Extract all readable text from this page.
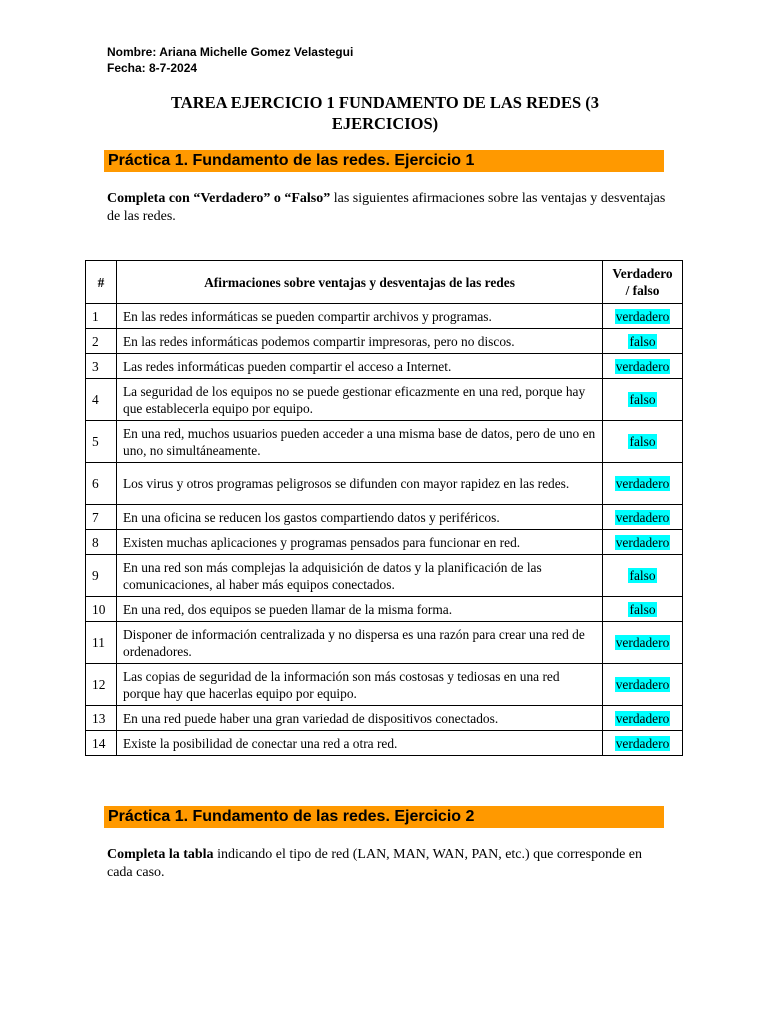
Nombre: Ariana Michelle Gomez Velastegui
Fecha: 8-7-2024
TAREA EJERCICIO 1 FUNDAMENTO DE LAS REDES (3
EJERCICIOS)
Práctica 1. Fundamento de las redes. Ejercicio 1
Completa con “Verdadero” o “Falso” las siguientes afirmaciones sobre las ventajas y desventajas de las redes.
#	Afirmaciones sobre ventajas y desventajas de las redes	Verdadero
/ falso

1	En las redes informáticas se pueden compartir archivos y programas.	verdadero
2	En las redes informáticas podemos compartir impresoras, pero no discos.	falso
3	Las redes informáticas pueden compartir el acceso a Internet.	verdadero
4	La seguridad de los equipos no se puede gestionar eficazmente en una red, porque hay que establecerla equipo por equipo.	falso
5	En una red, muchos usuarios pueden acceder a una misma base de datos, pero de uno en uno, no simultáneamente.	falso
6	Los virus y otros programas peligrosos se difunden con mayor rapidez en las redes.	verdadero
7	En una oficina se reducen los gastos compartiendo datos y periféricos.	verdadero
8	Existen muchas aplicaciones y programas pensados para funcionar en red.	verdadero
9	En una red son más complejas la adquisición de datos y la planificación de las comunicaciones, al haber más equipos conectados.	falso
10	En una red, dos equipos se pueden llamar de la misma forma.	falso
11	Disponer de información centralizada y no dispersa es una razón para crear una red de ordenadores.	verdadero
12	Las copias de seguridad de la información son más costosas y tediosas en una red porque hay que hacerlas equipo por equipo.	verdadero
13	En una red puede haber una gran variedad de dispositivos conectados.	verdadero
14	Existe la posibilidad de conectar una red a otra red.	verdadero
Práctica 1. Fundamento de las redes. Ejercicio 2
Completa la tabla indicando el tipo de red (LAN, MAN, WAN, PAN, etc.) que corresponde en cada caso.
